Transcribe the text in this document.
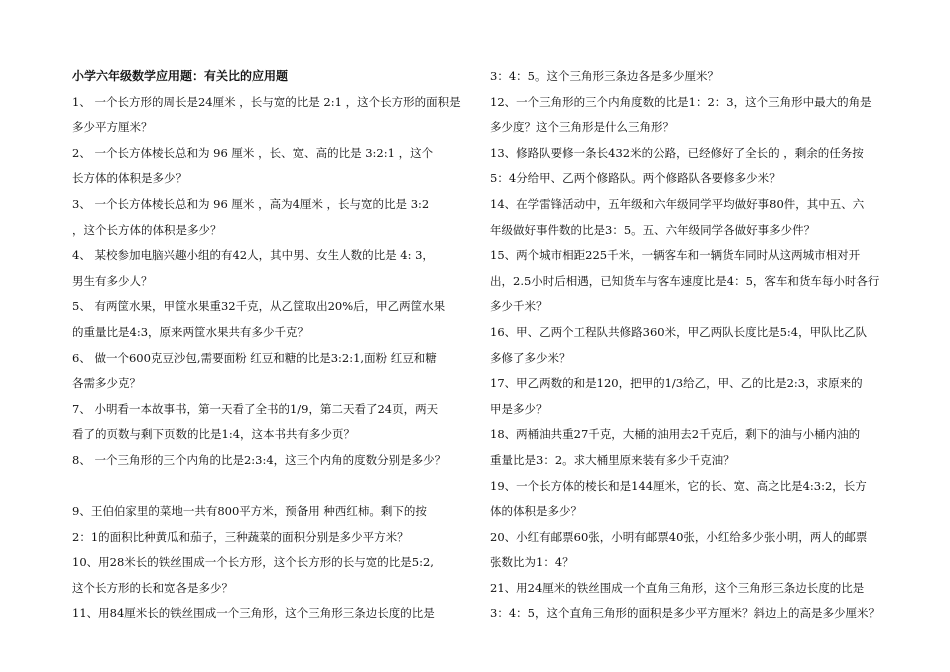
小学六年级数学应用题：有关比的应用题
1、 一个长方形的周长是24厘米 ，长与宽的比是 2:1 ，这个长方形的面积是
多少平方厘米？
2、 一个长方体棱长总和为 96 厘米 ，长、宽、高的比是 3:2:1 ，这个
长方体的体积是多少？
3、 一个长方体棱长总和为 96 厘米 ，高为4厘米 ，长与宽的比是 3:2
，这个长方体的体积是多少？
4、 某校参加电脑兴趣小组的有42人，其中男、女生人数的比是 4: 3，
男生有多少人？
5、 有两筐水果，甲筐水果重32千克，从乙筐取出20%后，甲乙两筐水果
的重量比是4:3，原来两筐水果共有多少千克？
6、 做一个600克豆沙包,需要面粉 红豆和糖的比是3:2:1,面粉 红豆和糖
各需多少克？
7、 小明看一本故事书，第一天看了全书的1/9，第二天看了24页，两天
看了的页数与剩下页数的比是1:4，这本书共有多少页？
8、 一个三角形的三个内角的比是2:3:4，这三个内角的度数分别是多少？
9、王伯伯家里的菜地一共有800平方米，预备用 种西红柿。剩下的按
2：1的面积比种黄瓜和茄子，三种蔬菜的面积分别是多少平方米？
10、用28米长的铁丝围成一个长方形，这个长方形的长与宽的比是5:2,
这个长方形的长和宽各是多少？
11、用84厘米长的铁丝围成一个三角形，这个三角形三条边长度的比是
3：4：5。这个三角形三条边各是多少厘米？
12、一个三角形的三个内角度数的比是1：2：3，这个三角形中最大的角是
多少度？这个三角形是什么三角形？
13、修路队要修一条长432米的公路，已经修好了全长的 ，剩余的任务按
5：4分给甲、乙两个修路队。两个修路队各要修多少米？
14、在学雷锋活动中，五年级和六年级同学平均做好事80件，其中五、六
年级做好事件数的比是3：5。五、六年级同学各做好事多少件？
15、两个城市相距225千米，一辆客车和一辆货车同时从这两城市相对开
出，2.5小时后相遇，已知货车与客车速度比是4：5，客车和货车每小时各行
多少千米？
16、甲、乙两个工程队共修路360米，甲乙两队长度比是5:4，甲队比乙队
多修了多少米？
17、甲乙两数的和是120，把甲的1/3给乙，甲、乙的比是2:3，求原来的
甲是多少？
18、两桶油共重27千克，大桶的油用去2千克后，剩下的油与小桶内油的
重量比是3：2。求大桶里原来装有多少千克油？
19、一个长方体的棱长和是144厘米，它的长、宽、高之比是4:3:2，长方
体的体积是多少？
20、小红有邮票60张，小明有邮票40张，小红给多少张小明，两人的邮票
张数比为1：4？
21、用24厘米的铁丝围成一个直角三角形，这个三角形三条边长度的比是
3：4：5，这个直角三角形的面积是多少平方厘米？斜边上的高是多少厘米？
